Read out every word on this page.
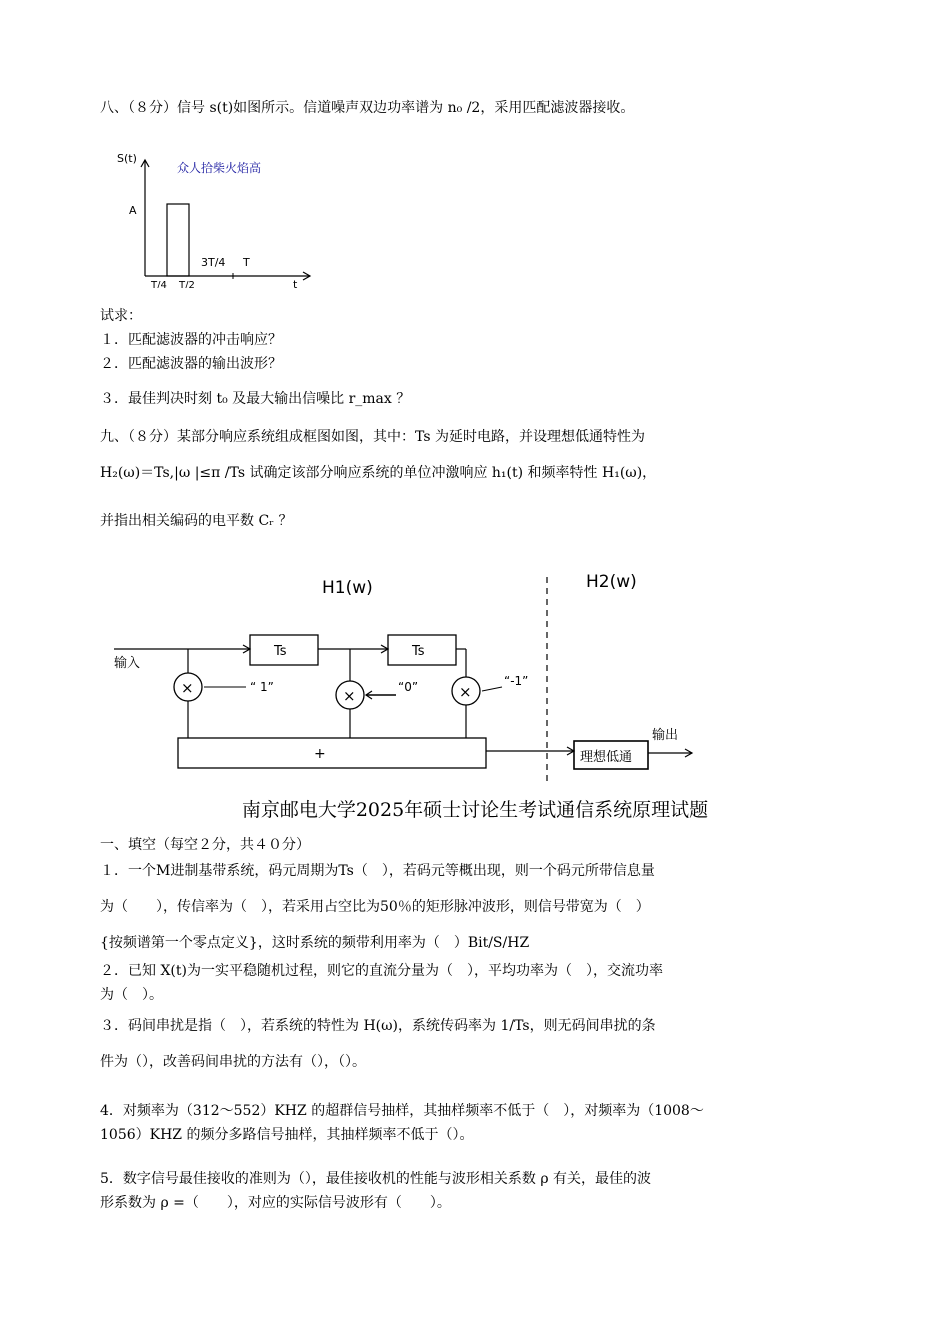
八、（８分）信号 s(t)如图所示。信道噪声双边功率谱为 n₀ /2，采用匹配滤波器接收。
S(t)
众人拾柴火焰高
A
T/4 T/2
3T/4 T
t
试求：
１．匹配滤波器的冲击响应？
２．匹配滤波器的输出波形？
３．最佳判决时刻 t₀ 及最大输出信噪比 r_max ？
九、（８分）某部分响应系统组成框图如图，其中：Ts 为延时电路，并设理想低通特性为
H₂(ω)＝Ts,|ω |≤π /Ts 试确定该部分响应系统的单位冲激响应 h₁(t) 和频率特性 H₁(ω)，
并指出相关编码的电平数 Cᵣ ？
H1(w)	H2(w)
输入
Ts	Ts
×	×	×
“ 1”	“0”	“-1”
+	理想低通
输出
南京邮电大学2025年硕士讨论生考试通信系统原理试题
一、填空（每空２分，共４０分）
１．一个M进制基带系统，码元周期为Ts（　），若码元等概出现，则一个码元所带信息量
为（　　），传信率为（　），若采用占空比为50％的矩形脉冲波形，则信号带宽为（　）
{按频谱第一个零点定义}，这时系统的频带利用率为（　）Bit/S/HZ
２．已知 X(t)为一实平稳随机过程，则它的直流分量为（　），平均功率为（　），交流功率
为（　）。
３．码间串扰是指（　），若系统的特性为 H(ω)，系统传码率为 1/Ts，则无码间串扰的条
件为（），改善码间串扰的方法有（），（）。
4．对频率为（312～552）KHZ 的超群信号抽样，其抽样频率不低于（　），对频率为（1008～
1056）KHZ 的频分多路信号抽样，其抽样频率不低于（）。
5．数字信号最佳接收的准则为（），最佳接收机的性能与波形相关系数 ρ 有关，最佳的波
形系数为 ρ =（　　），对应的实际信号波形有（　　）。
